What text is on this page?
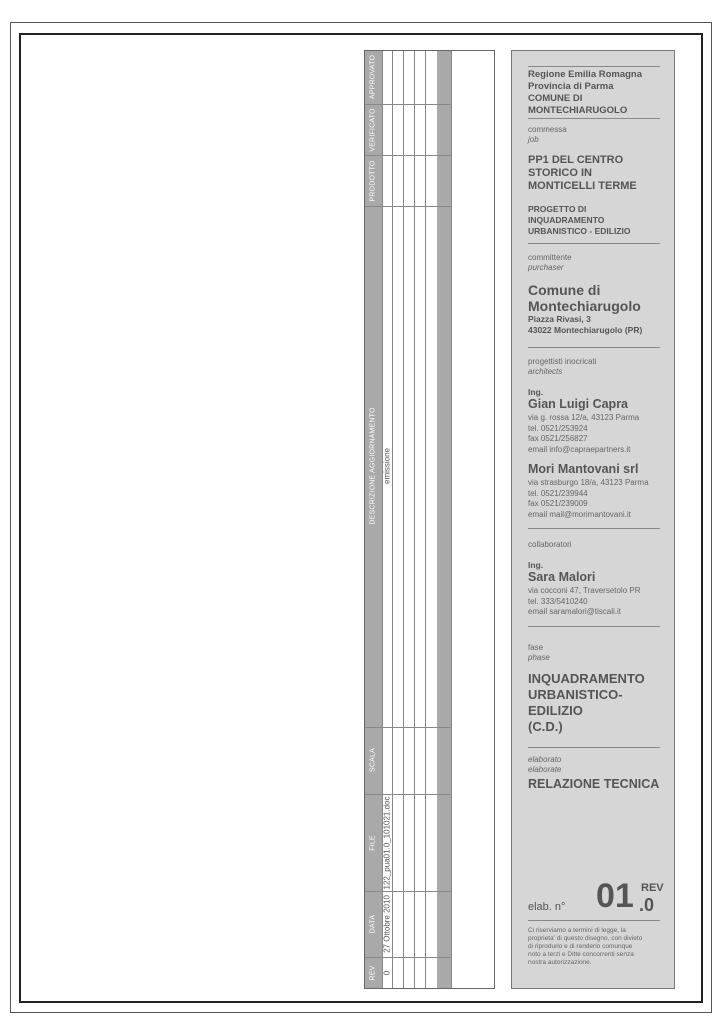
APPROVATO
VERIFICATO
PRODOTTO
DESCRIZIONE AGGIORNAMENTO
SCALA
FILE
DATA
REV
emissione
122_pua01.0_101021.doc
27 Ottobre 2010
0
Regione Emilia Romagna
Provincia di Parma
COMUNE DI
MONTECHIARUGOLO
commessa
job
PP1 DEL CENTRO
STORICO IN
MONTICELLI TERME
PROGETTO DI
INQUADRAMENTO
URBANISTICO - EDILIZIO
committente
purchaser
Comune di
Montechiarugolo
Piazza Rivasi, 3
43022 Montechiarugolo (PR)
progettisti inocricati
architects
Ing.
Gian Luigi Capra
via g. rossa 12/a, 43123 Parma
tel. 0521/253924
fax 0521/256827
email info@capraepartners.it
Mori Mantovani srl
via strasburgo 18/a, 43123 Parma
tel. 0521/239944
fax 0521/239009
email mail@morimantovani.it
collaboratori
Ing.
Sara Malori
via cocconi 47, Traversetolo PR
tel. 333/5410240
email saramalori@tiscali.it
fase
phase
INQUADRAMENTO
URBANISTICO-
EDILIZIO
(C.D.)
elaborato
elaborate
RELAZIONE TECNICA
elab. n° 01 REV
.0
Ci riserviamo a termini di legge, la
proprieta' di questo disegno, con divieto
di riprodurlo e di renderlo comunque
noto a terzi e Ditte concorrenti senza
nostra autorizzazione.
